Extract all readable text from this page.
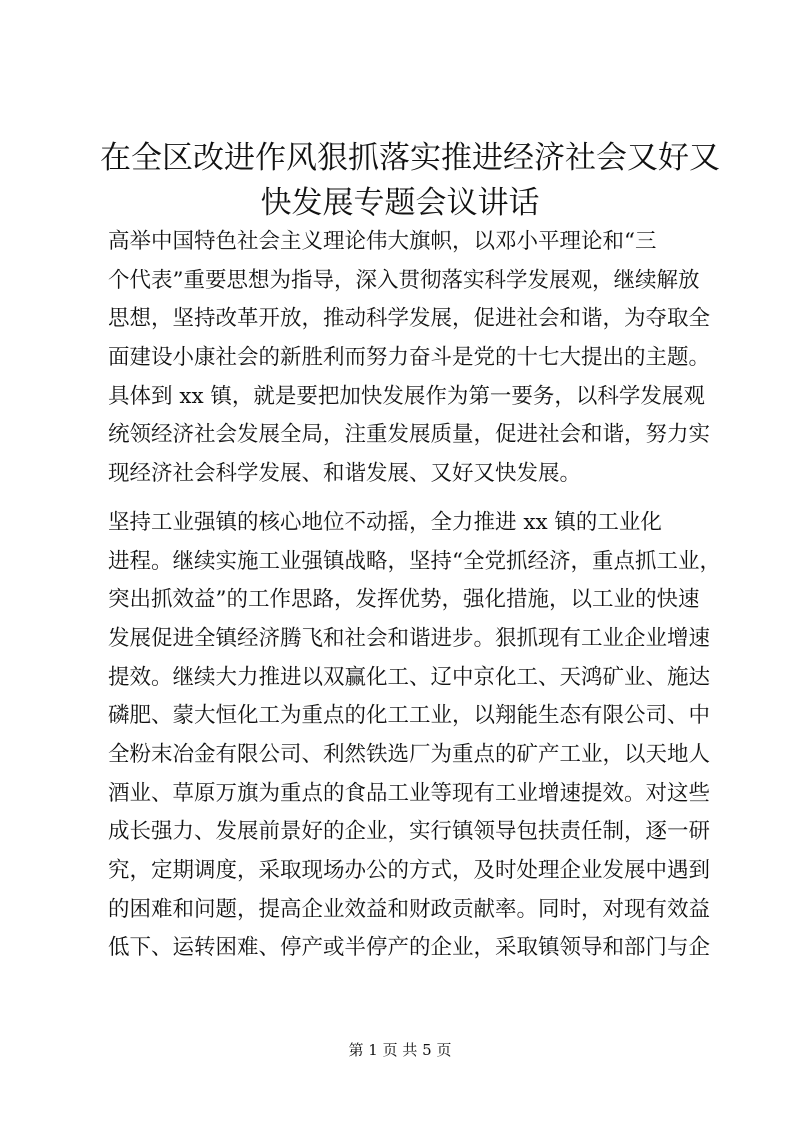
在全区改进作风狠抓落实推进经济社会又好又
快发展专题会议讲话
高举中国特色社会主义理论伟大旗帜，以邓小平理论和“三
个代表”重要思想为指导，深入贯彻落实科学发展观，继续解放
思想，坚持改革开放，推动科学发展，促进社会和谐，为夺取全
面建设小康社会的新胜利而努力奋斗是党的十七大提出的主题。
具体到 xx 镇，就是要把加快发展作为第一要务，以科学发展观
统领经济社会发展全局，注重发展质量，促进社会和谐，努力实
现经济社会科学发展、和谐发展、又好又快发展。
坚持工业强镇的核心地位不动摇，全力推进 xx 镇的工业化
进程。继续实施工业强镇战略，坚持“全党抓经济，重点抓工业，
突出抓效益”的工作思路，发挥优势，强化措施，以工业的快速
发展促进全镇经济腾飞和社会和谐进步。狠抓现有工业企业增速
提效。继续大力推进以双赢化工、辽中京化工、天鸿矿业、施达
磷肥、蒙大恒化工为重点的化工工业，以翔能生态有限公司、中
全粉末冶金有限公司、利然铁选厂为重点的矿产工业，以天地人
酒业、草原万旗为重点的食品工业等现有工业增速提效。对这些
成长强力、发展前景好的企业，实行镇领导包扶责任制，逐一研
究，定期调度，采取现场办公的方式，及时处理企业发展中遇到
的困难和问题，提高企业效益和财政贡献率。同时，对现有效益
低下、运转困难、停产或半停产的企业，采取镇领导和部门与企
第 1 页 共 5 页
